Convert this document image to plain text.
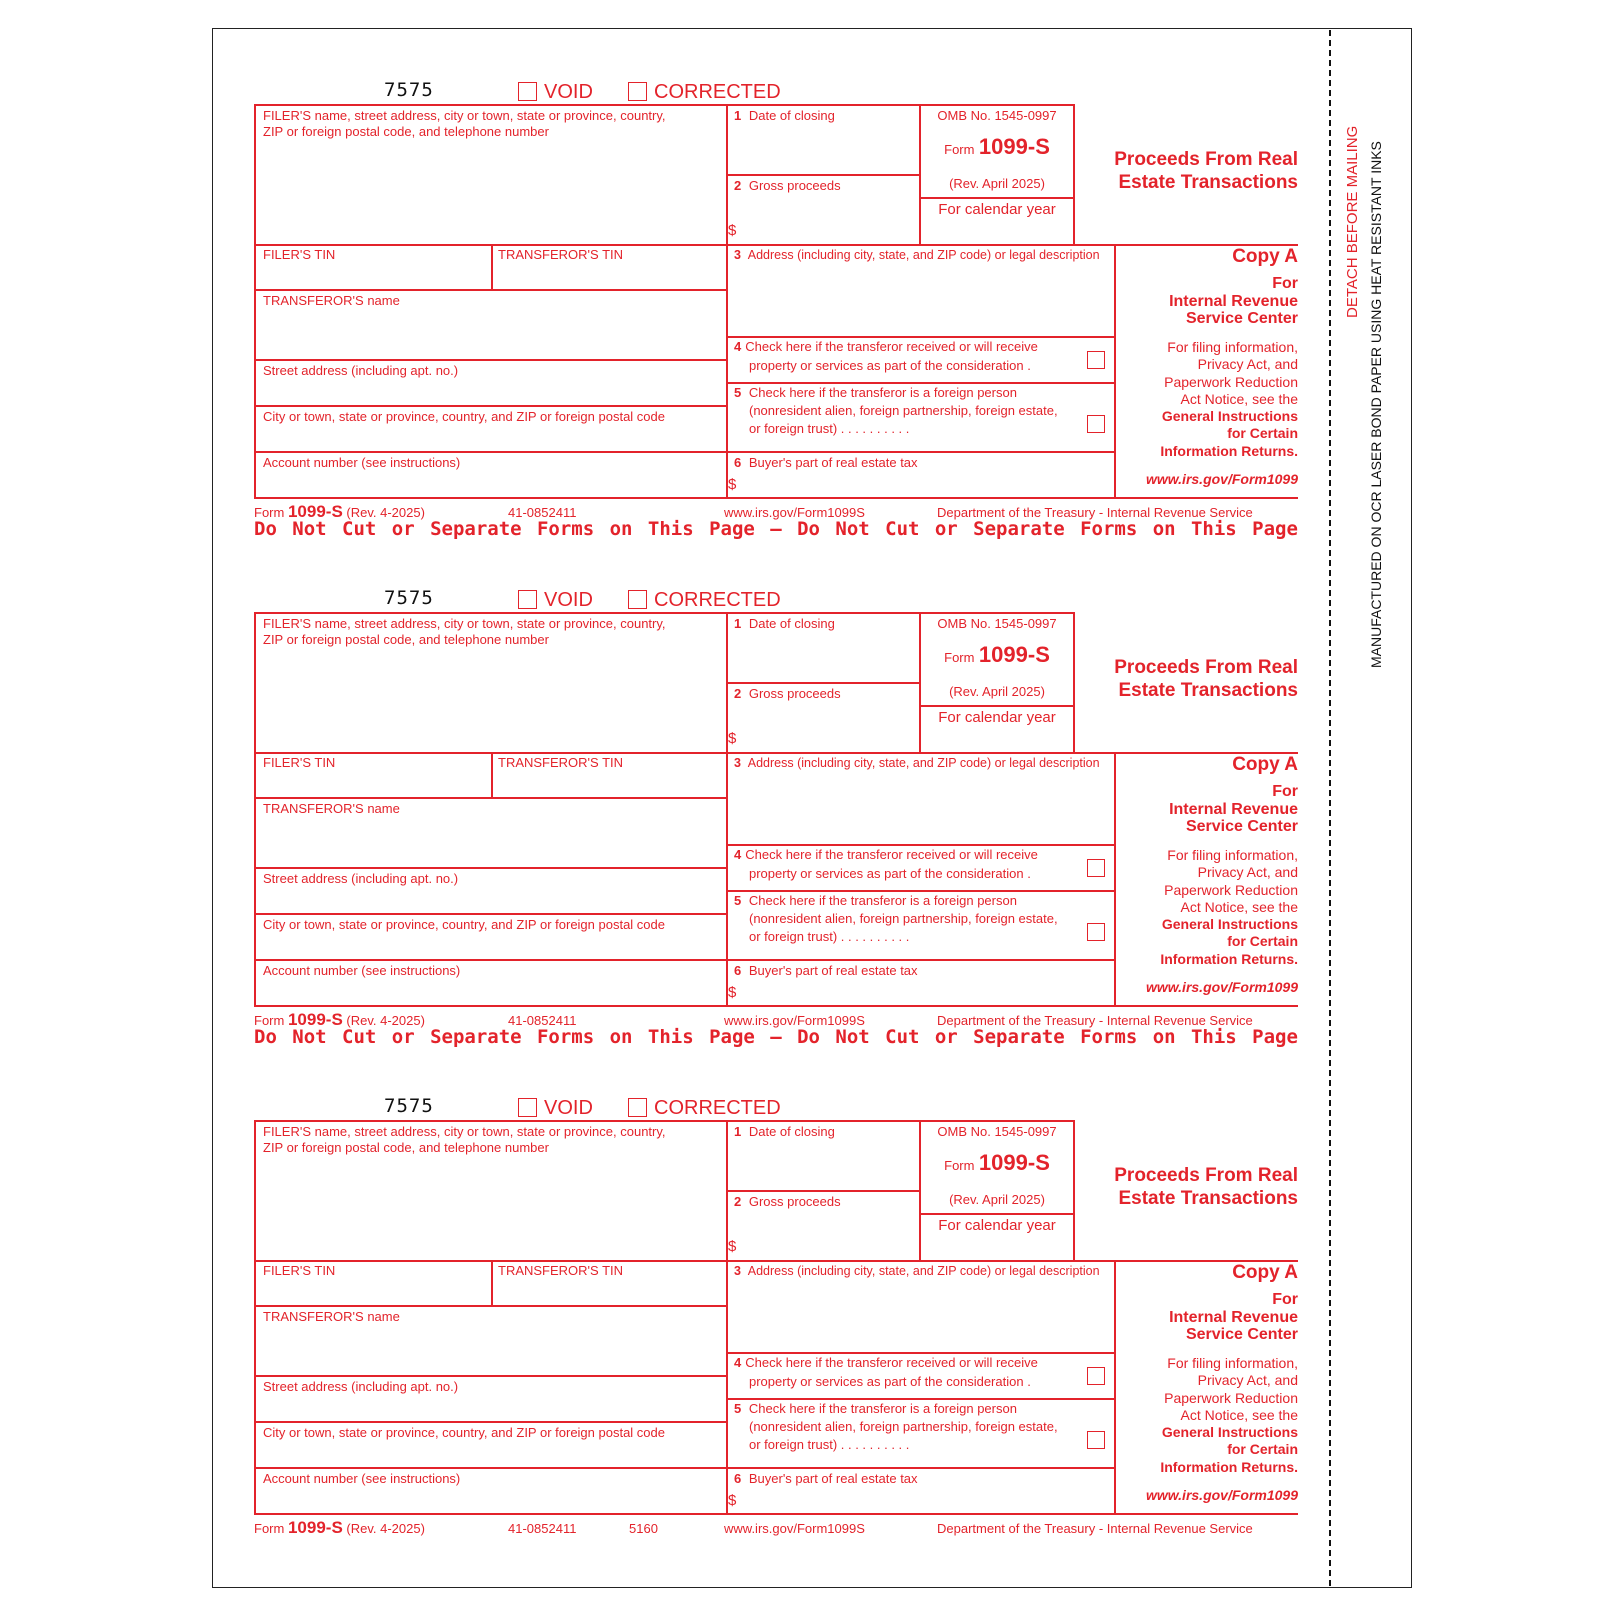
DETACH BEFORE MAILING MANUFACTURED ON OCR LASER BOND PAPER USING HEAT RESISTANT INKS
7575	VOID	CORRECTED
FILER'S name, street address, city or town, state or province, country,
ZIP or foreign postal code, and telephone number
1 Date of closing
2 Gross proceeds
$
OMB No. 1545-0997
Form 1099-S
(Rev. April 2025)
For calendar year
Proceeds From Real
Estate Transactions
FILER'S TIN	TRANSFEROR'S TIN	3 Address (including city, state, and ZIP code) or legal description	Copy A
For
Internal Revenue
Service Center
For filing information,
Privacy Act, and
Paperwork Reduction
Act Notice, see the
General Instructions
for Certain
Information Returns.
www.irs.gov/Form1099
TRANSFEROR'S name
4 Check here if the transferor received or will receive
property or services as part of the consideration .
Street address (including apt. no.)
5 Check here if the transferor is a foreign person
(nonresident alien, foreign partnership, foreign estate,
or foreign trust) . . . . . . . . . .
City or town, state or province, country, and ZIP or foreign postal code
Account number (see instructions)	6 Buyer's part of real estate tax
$
Form 1099-S (Rev. 4-2025)	41-0852411	www.irs.gov/Form1099S	Department of the Treasury - Internal Revenue Service
Do Not Cut or Separate Forms on This Page — Do Not Cut or Separate Forms on This Page
7575	VOID	CORRECTED
FILER'S name, street address, city or town, state or province, country,
ZIP or foreign postal code, and telephone number
1 Date of closing
2 Gross proceeds
$
OMB No. 1545-0997
Form 1099-S
(Rev. April 2025)
For calendar year
Proceeds From Real
Estate Transactions
FILER'S TIN	TRANSFEROR'S TIN	3 Address (including city, state, and ZIP code) or legal description	Copy A
For
Internal Revenue
Service Center
For filing information,
Privacy Act, and
Paperwork Reduction
Act Notice, see the
General Instructions
for Certain
Information Returns.
www.irs.gov/Form1099
TRANSFEROR'S name
4 Check here if the transferor received or will receive
property or services as part of the consideration .
Street address (including apt. no.)
5 Check here if the transferor is a foreign person
(nonresident alien, foreign partnership, foreign estate,
or foreign trust) . . . . . . . . . .
City or town, state or province, country, and ZIP or foreign postal code
Account number (see instructions)	6 Buyer's part of real estate tax
$
Form 1099-S (Rev. 4-2025)	41-0852411	www.irs.gov/Form1099S	Department of the Treasury - Internal Revenue Service
Do Not Cut or Separate Forms on This Page — Do Not Cut or Separate Forms on This Page
7575	VOID	CORRECTED
FILER'S name, street address, city or town, state or province, country,
ZIP or foreign postal code, and telephone number
1 Date of closing
2 Gross proceeds
$
OMB No. 1545-0997
Form 1099-S
(Rev. April 2025)
For calendar year
Proceeds From Real
Estate Transactions
FILER'S TIN	TRANSFEROR'S TIN	3 Address (including city, state, and ZIP code) or legal description	Copy A
For
Internal Revenue
Service Center
For filing information,
Privacy Act, and
Paperwork Reduction
Act Notice, see the
General Instructions
for Certain
Information Returns.
www.irs.gov/Form1099
TRANSFEROR'S name
4 Check here if the transferor received or will receive
property or services as part of the consideration .
Street address (including apt. no.)
5 Check here if the transferor is a foreign person
(nonresident alien, foreign partnership, foreign estate,
or foreign trust) . . . . . . . . . .
City or town, state or province, country, and ZIP or foreign postal code
Account number (see instructions)	6 Buyer's part of real estate tax
$
Form 1099-S (Rev. 4-2025)	41-0852411	5160	www.irs.gov/Form1099S	Department of the Treasury - Internal Revenue Service
